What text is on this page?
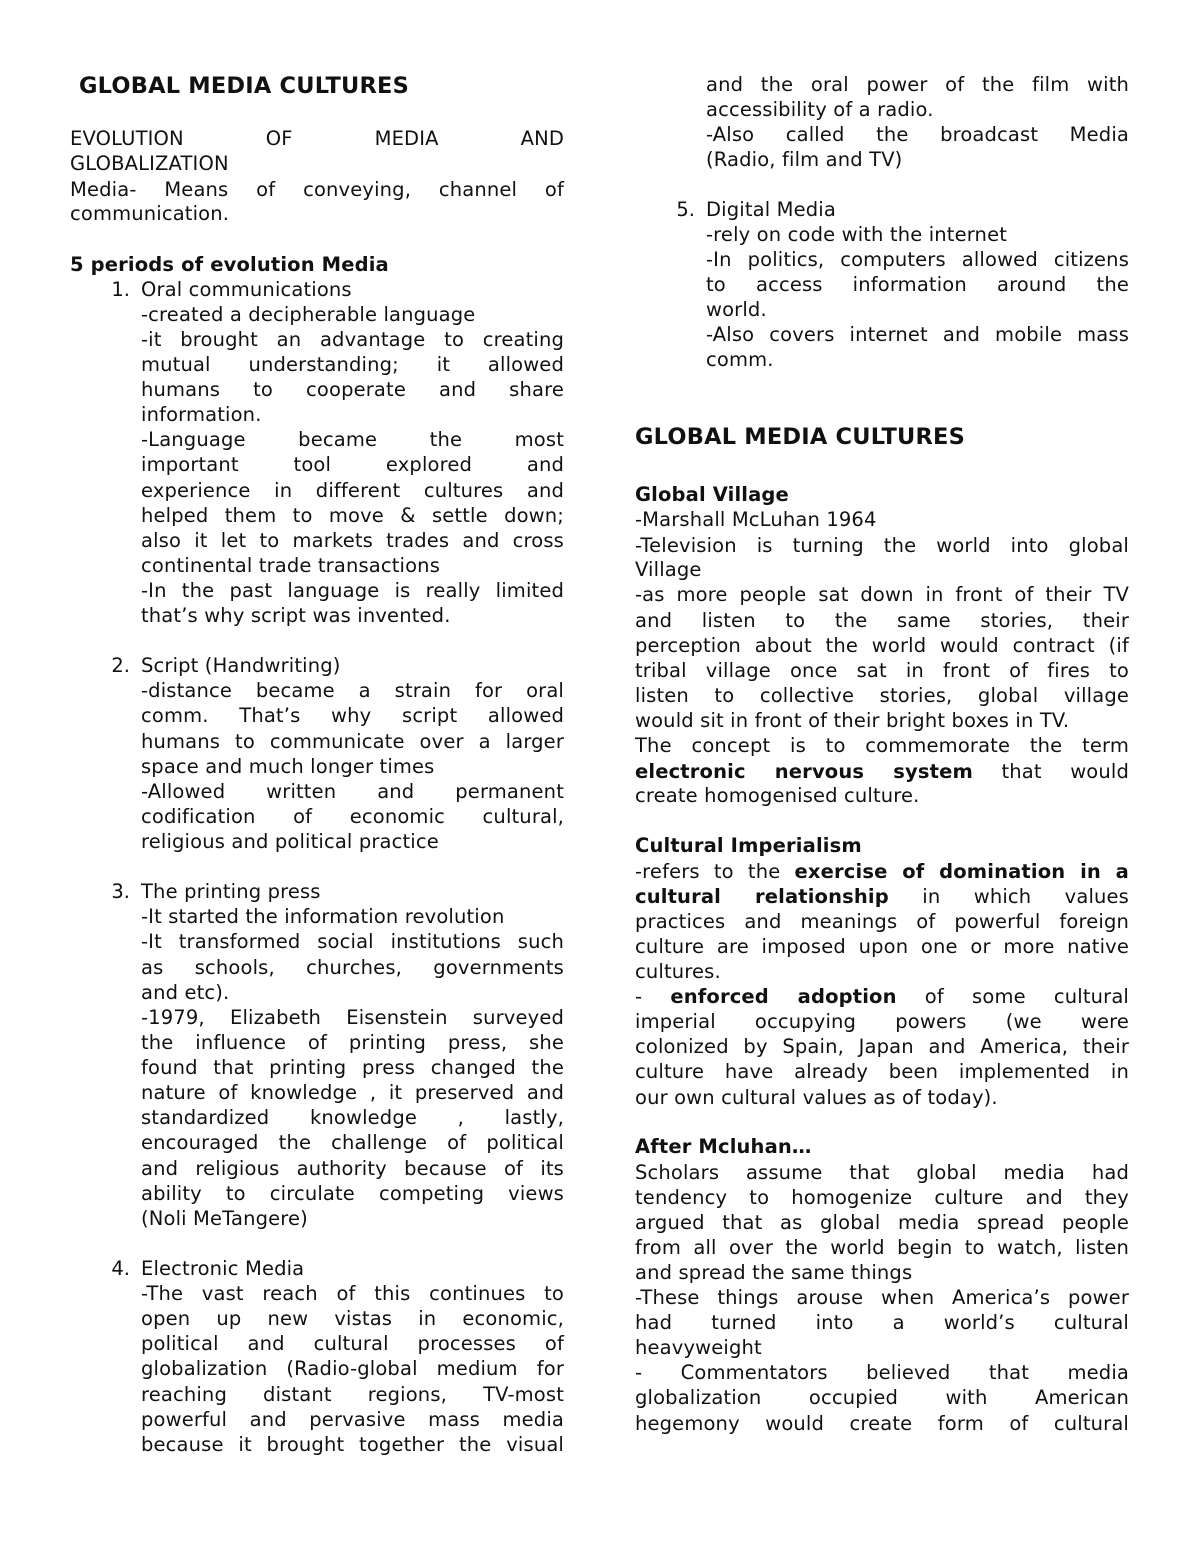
GLOBAL MEDIA CULTURES
GLOBAL MEDIA CULTURES
EVOLUTION OF MEDIA AND
GLOBALIZATION
Media- Means of conveying, channel of
communication.
5 periods of evolution Media
Oral communications
-created a decipherable language
-it brought an advantage to creating
mutual understanding; it allowed
humans to cooperate and share
information.
-Language became the most
important tool explored and
experience in different cultures and
helped them to move & settle down;
also it let to markets trades and cross
continental trade transactions
-In the past language is really limited
that’s why script was invented.
Script (Handwriting)
-distance became a strain for oral
comm. That’s why script allowed
humans to communicate over a larger
space and much longer times
-Allowed written and permanent
codification of economic cultural,
religious and political practice
The printing press
-It started the information revolution
-It transformed social institutions such
as schools, churches, governments
and etc).
-1979, Elizabeth Eisenstein surveyed
the influence of printing press, she
found that printing press changed the
nature of knowledge , it preserved and
standardized knowledge , lastly,
encouraged the challenge of political
and religious authority because of its
ability to circulate competing views
(Noli MeTangere)
Electronic Media
-The vast reach of this continues to
open up new vistas in economic,
political and cultural processes of
globalization (Radio-global medium for
reaching distant regions, TV-most
powerful and pervasive mass media
because it brought together the visual
1.
2.
3.
4.
and the oral power of the film with
accessibility of a radio.
-Also called the broadcast Media
(Radio, film and TV)
Digital Media
-rely on code with the internet
-In politics, computers allowed citizens
to access information around the
world.
-Also covers internet and mobile mass
comm.
Global Village
-Marshall McLuhan 1964
-Television is turning the world into global
Village
-as more people sat down in front of their TV
and listen to the same stories, their
perception about the world would contract (if
tribal village once sat in front of fires to
listen to collective stories, global village
would sit in front of their bright boxes in TV.
The concept is to commemorate the term
electronic nervous system that would
create homogenised culture.
Cultural Imperialism
-refers to the exercise of domination in a
cultural relationship in which values
practices and meanings of powerful foreign
culture are imposed upon one or more native
cultures.
- enforced adoption of some cultural
imperial occupying powers (we were
colonized by Spain, Japan and America, their
culture have already been implemented in
our own cultural values as of today).
After Mcluhan…
Scholars assume that global media had
tendency to homogenize culture and they
argued that as global media spread people
from all over the world begin to watch, listen
and spread the same things
-These things arouse when America’s power
had turned into a world’s cultural
heavyweight
- Commentators believed that media
globalization occupied with American
hegemony would create form of cultural
5.
